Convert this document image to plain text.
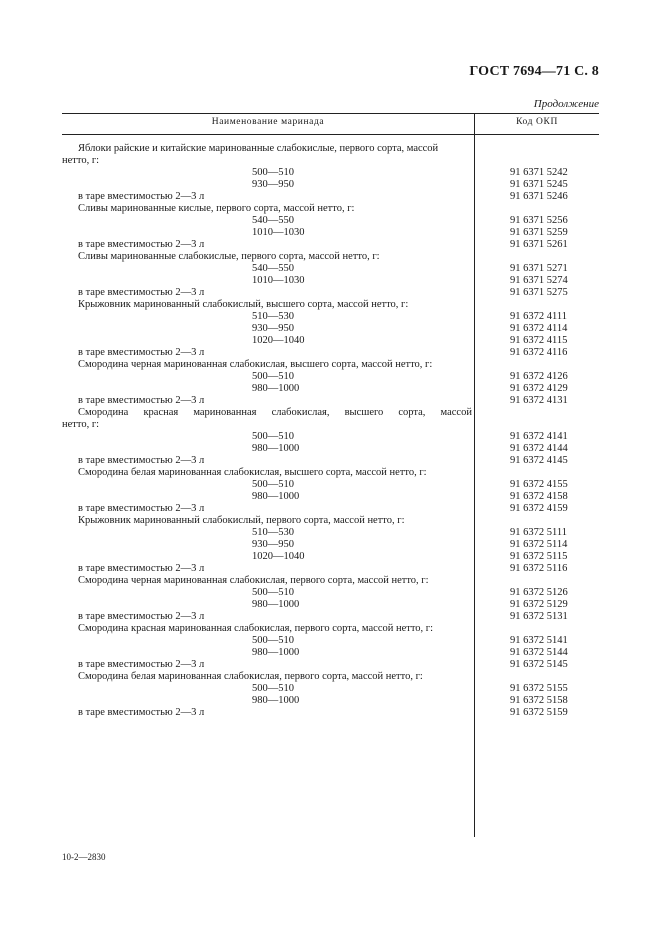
ГОСТ 7694—71 С. 8
Продолжение
Наименование маринада	Код ОКП
Яблоки райские и китайские маринованные слабокислые, первого сорта, массой
нетто, г:
500—510	91 6371 5242
930—950	91 6371 5245
в таре вместимостью 2—3 л	91 6371 5246
Сливы маринованные кислые, первого сорта, массой нетто, г:
540—550	91 6371 5256
1010—1030	91 6371 5259
в таре вместимостью 2—3 л	91 6371 5261
Сливы маринованные слабокислые, первого сорта, массой нетто, г:
540—550	91 6371 5271
1010—1030	91 6371 5274
в таре вместимостью 2—3 л	91 6371 5275
Крыжовник маринованный слабокислый, высшего сорта, массой нетто, г:
510—530	91 6372 4111
930—950	91 6372 4114
1020—1040	91 6372 4115
в таре вместимостью 2—3 л	91 6372 4116
Смородина черная маринованная слабокислая, высшего сорта, массой нетто, г:
500—510	91 6372 4126
980—1000	91 6372 4129
в таре вместимостью 2—3 л	91 6372 4131
Смородина красная маринованная слабокислая, высшего сорта, массой
нетто, г:
500—510	91 6372 4141
980—1000	91 6372 4144
в таре вместимостью 2—3 л	91 6372 4145
Смородина белая маринованная слабокислая, высшего сорта, массой нетто, г:
500—510	91 6372 4155
980—1000	91 6372 4158
в таре вместимостью 2—3 л	91 6372 4159
Крыжовник маринованный слабокислый, первого сорта, массой нетто, г:
510—530	91 6372 5111
930—950	91 6372 5114
1020—1040	91 6372 5115
в таре вместимостью 2—3 л	91 6372 5116
Смородина черная маринованная слабокислая, первого сорта, массой нетто, г:
500—510	91 6372 5126
980—1000	91 6372 5129
в таре вместимостью 2—3 л	91 6372 5131
Смородина красная маринованная слабокислая, первого сорта, массой нетто, г:
500—510	91 6372 5141
980—1000	91 6372 5144
в таре вместимостью 2—3 л	91 6372 5145
Смородина белая маринованная слабокислая, первого сорта, массой нетто, г:
500—510	91 6372 5155
980—1000	91 6372 5158
в таре вместимостью 2—3 л	91 6372 5159
10-2—2830
